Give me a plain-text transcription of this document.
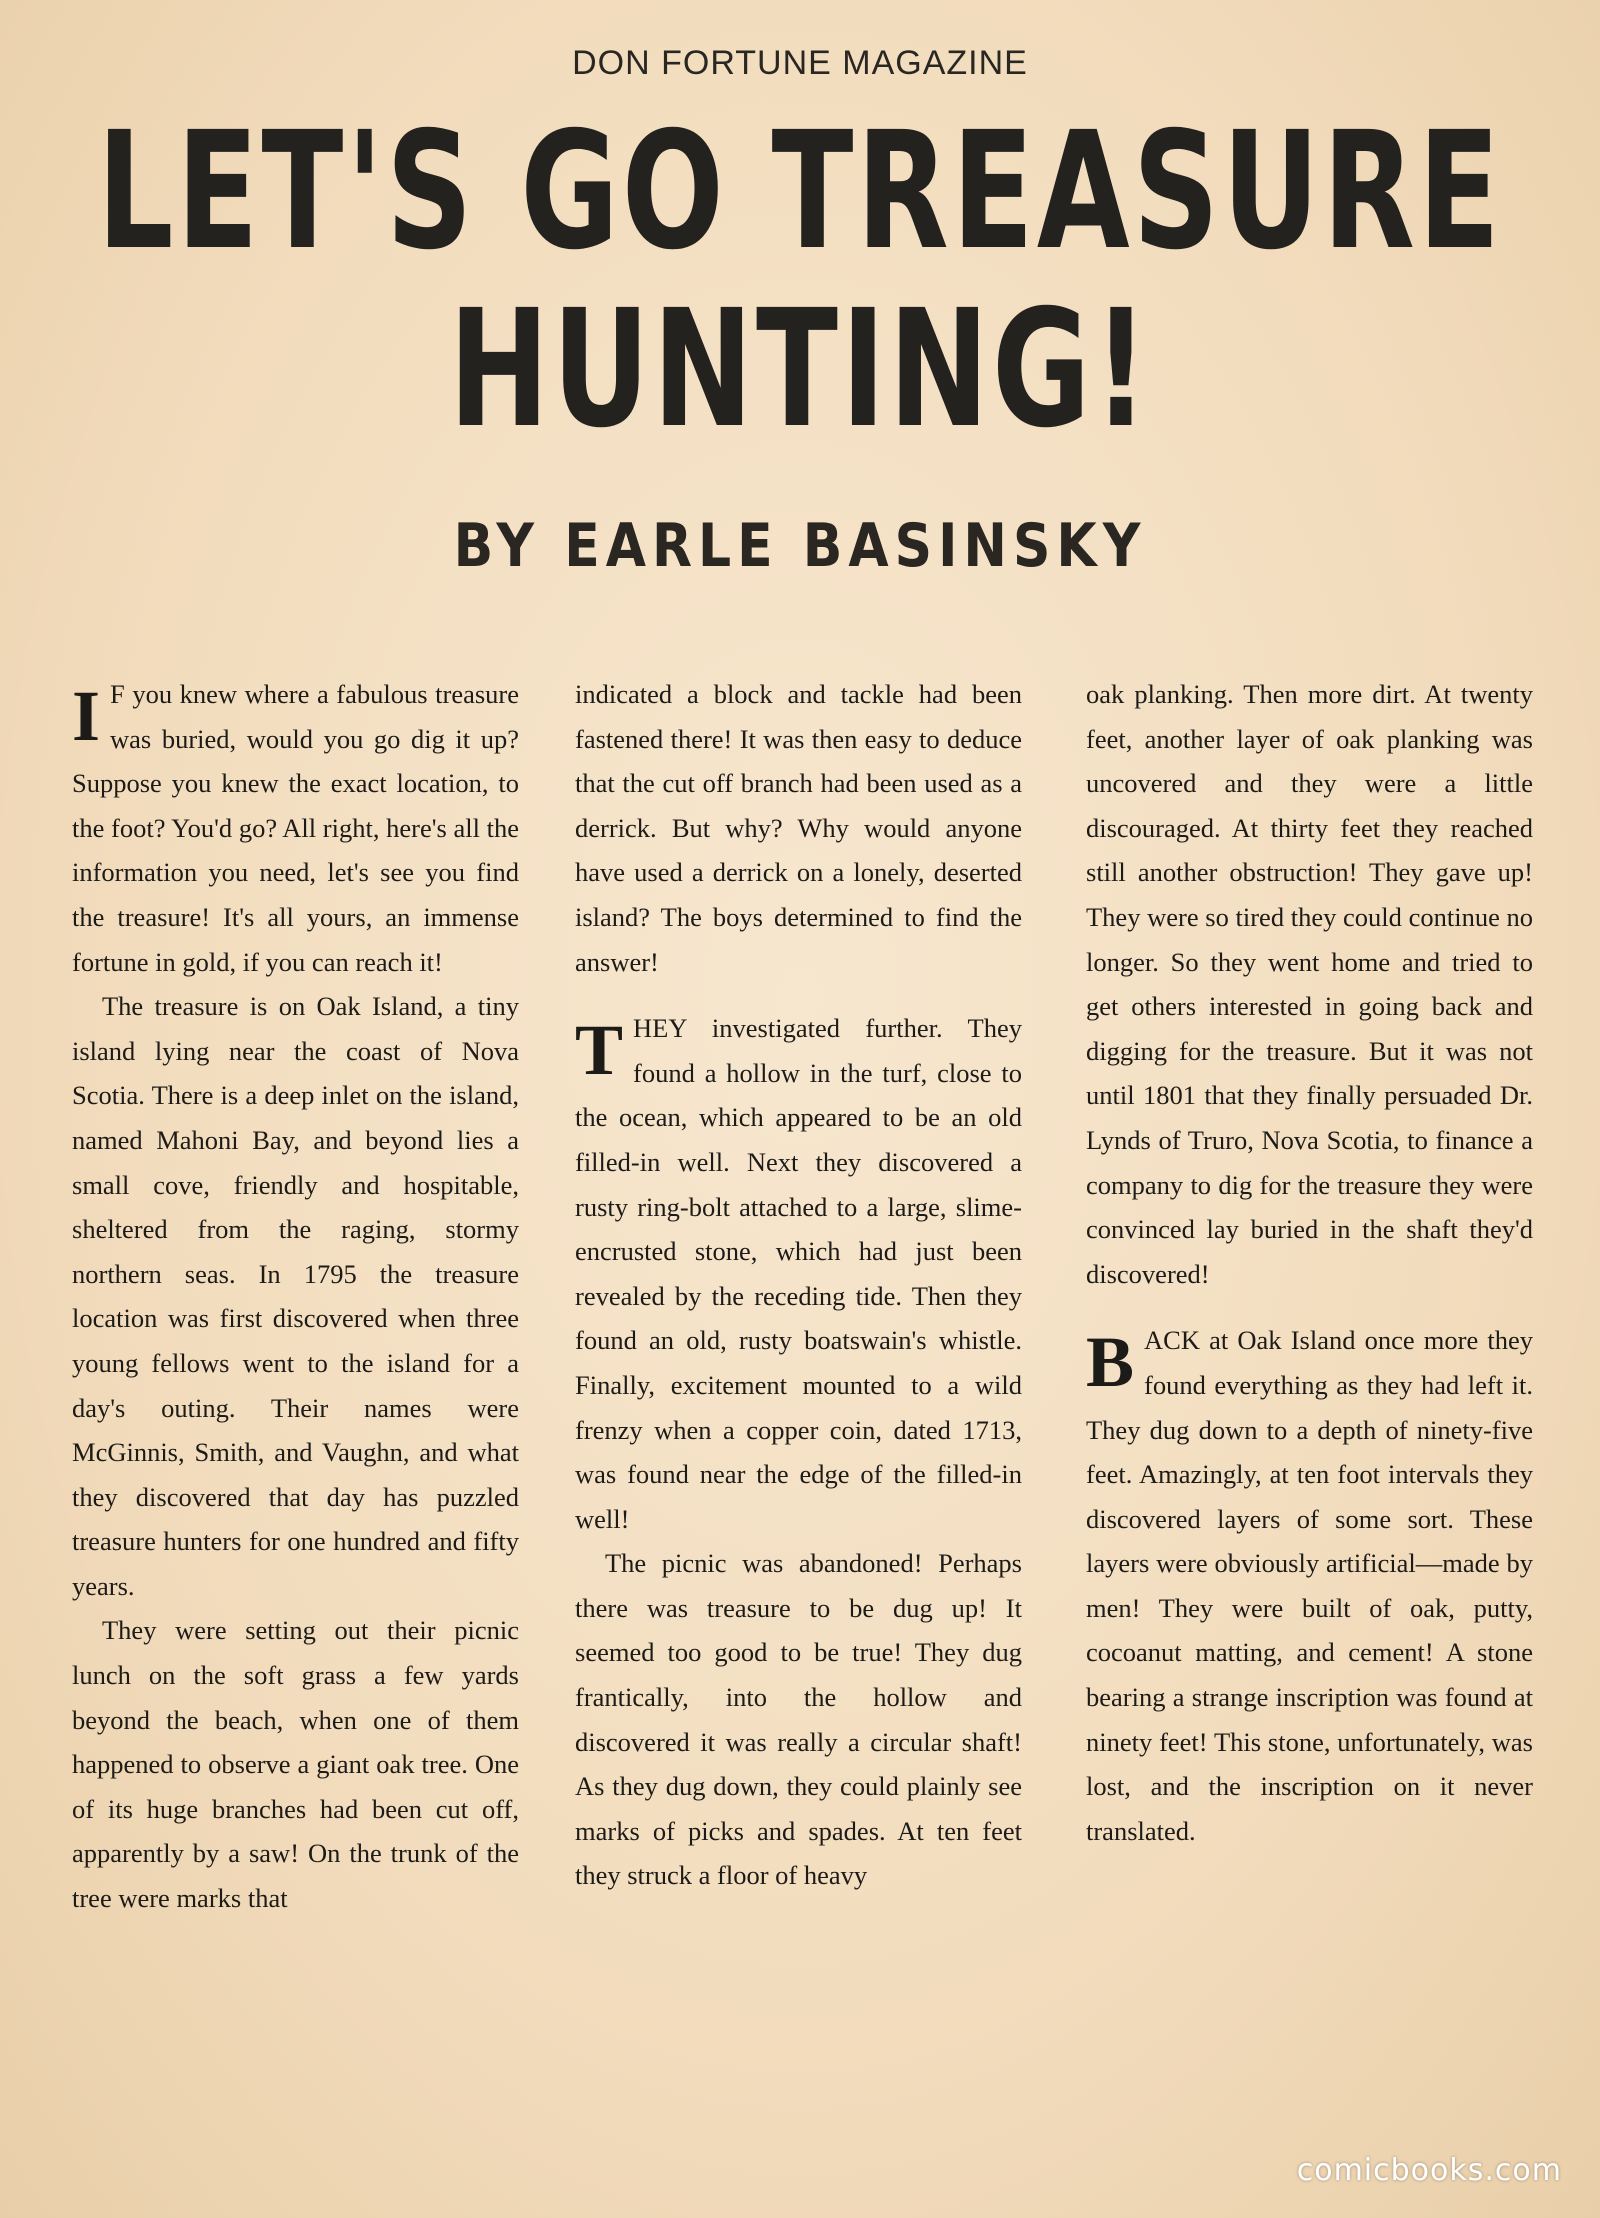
DON FORTUNE MAGAZINE
LET'S GO TREASURE
HUNTING!
BY EARLE BASINSKY

I F you knew where a fabulous treasure was buried, would you go dig it up? Suppose you knew the exact location, to the foot? You'd go? All right, here's all the information you need, let's see you find the treasure! It's all yours, an immense fortune in gold, if you can reach it!

The treasure is on Oak Island, a tiny island lying near the coast of Nova Scotia. There is a deep inlet on the island, named Mahoni Bay, and beyond lies a small cove, friendly and hospitable, sheltered from the raging, stormy northern seas. In 1795 the treasure location was first discovered when three young fellows went to the island for a day's outing. Their names were McGinnis, Smith, and Vaughn, and what they discovered that day has puzzled treasure hunters for one hundred and fifty years.

They were setting out their picnic lunch on the soft grass a few yards beyond the beach, when one of them happened to observe a giant oak tree. One of its huge branches had been cut off, apparently by a saw! On the trunk of the tree were marks that

indicated a block and tackle had been fastened there! It was then easy to deduce that the cut off branch had been used as a derrick. But why? Why would anyone have used a derrick on a lonely, deserted island? The boys determined to find the answer!

THEY investigated further. They found a hollow in the turf, close to the ocean, which appeared to be an old filled-in well. Next they discovered a rusty ring-bolt attached to a large, slime-encrusted stone, which had just been revealed by the receding tide. Then they found an old, rusty boatswain's whistle. Finally, excitement mounted to a wild frenzy when a copper coin, dated 1713, was found near the edge of the filled-in well!

The picnic was abandoned! Perhaps there was treasure to be dug up! It seemed too good to be true! They dug frantically, into the hollow and discovered it was really a circular shaft! As they dug down, they could plainly see marks of picks and spades. At ten feet they struck a floor of heavy

oak planking. Then more dirt. At twenty feet, another layer of oak planking was uncovered and they were a little discouraged. At thirty feet they reached still another obstruction! They gave up! They were so tired they could continue no longer. So they went home and tried to get others interested in going back and digging for the treasure. But it was not until 1801 that they finally persuaded Dr. Lynds of Truro, Nova Scotia, to finance a company to dig for the treasure they were convinced lay buried in the shaft they'd discovered!

BACK at Oak Island once more they found everything as they had left it. They dug down to a depth of ninety-five feet. Amazingly, at ten foot intervals they discovered layers of some sort. These layers were obviously artificial—made by men! They were built of oak, putty, cocoanut matting, and cement! A stone bearing a strange inscription was found at ninety feet! This stone, unfortunately, was lost, and the inscription on it never translated.

comicbooks.com
